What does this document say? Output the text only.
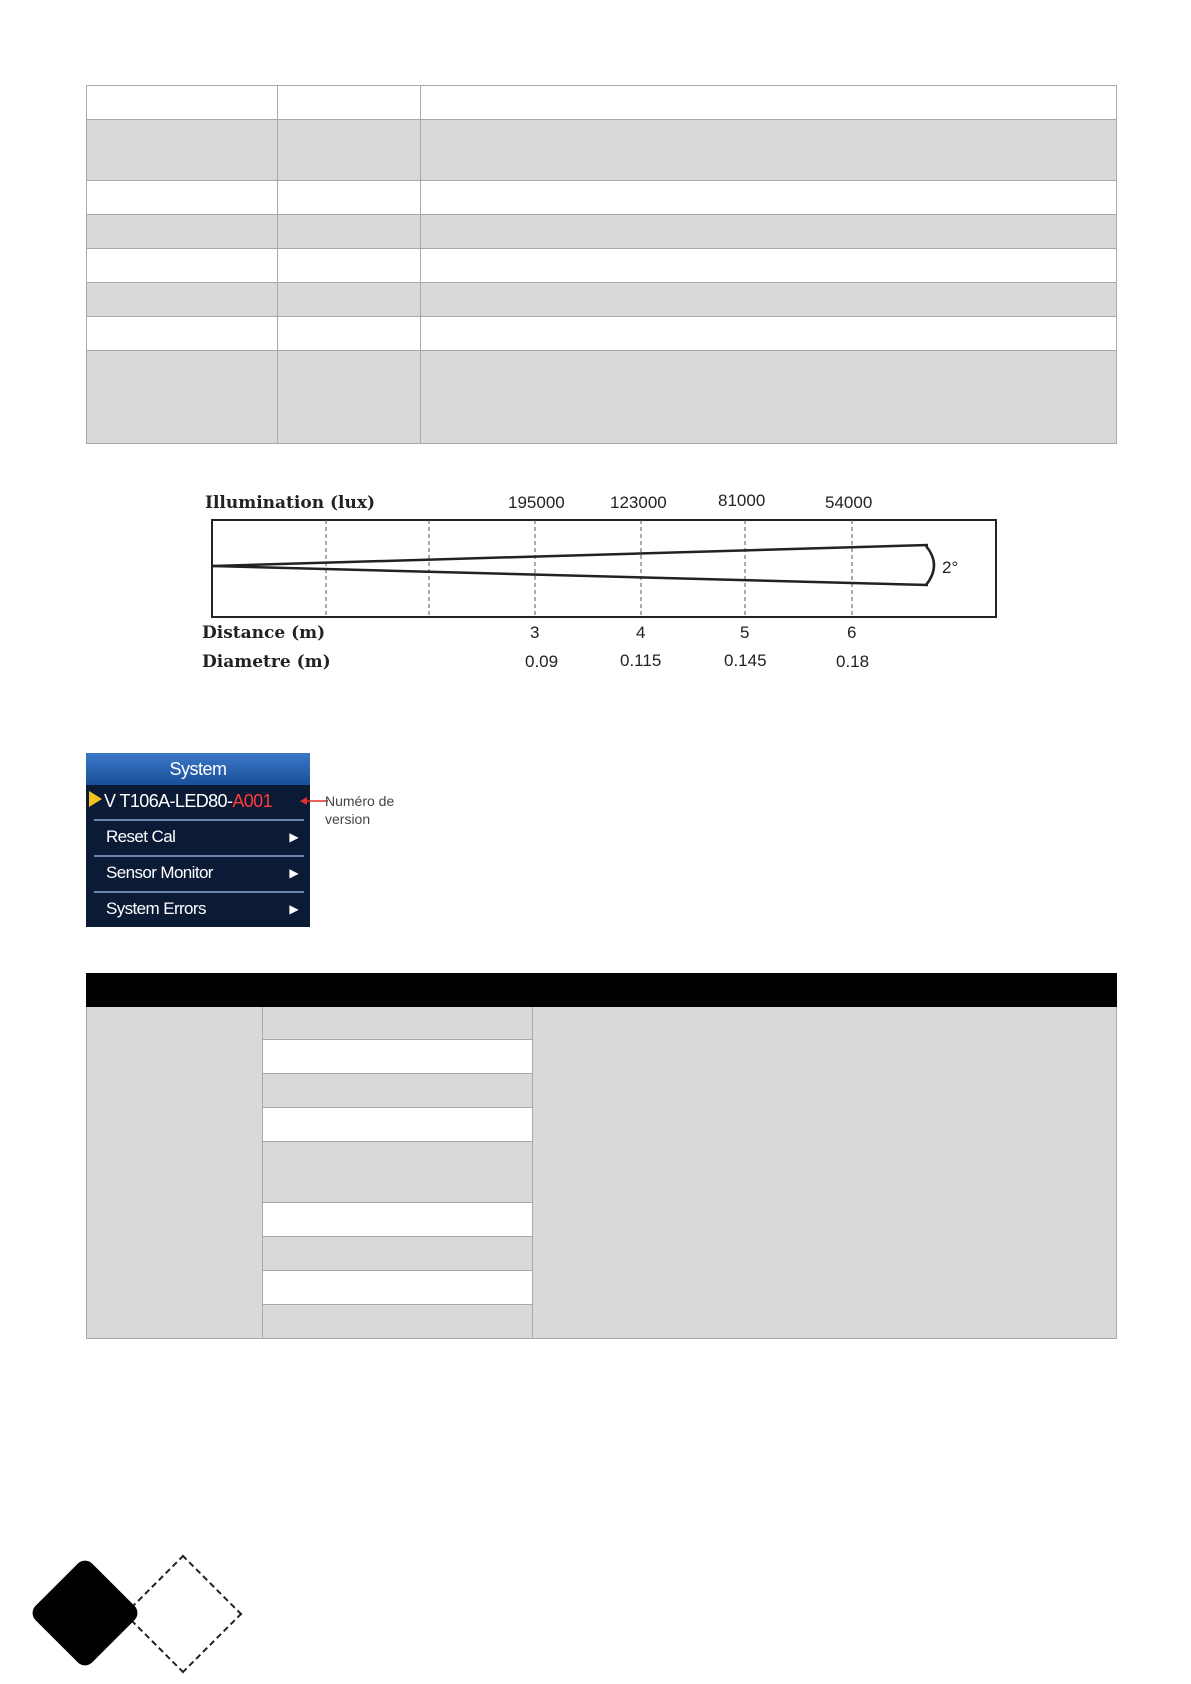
Illumination (lux)	195000	123000	81000	54000
2°
Distance (m)	3	4	5	6
Diametre (m)	0.09	0.115	0.145	0.18
System
V T106A-LED80-A001
Reset Cal	▶
Sensor Monitor	▶
System Errors	▶
Numéro de version
